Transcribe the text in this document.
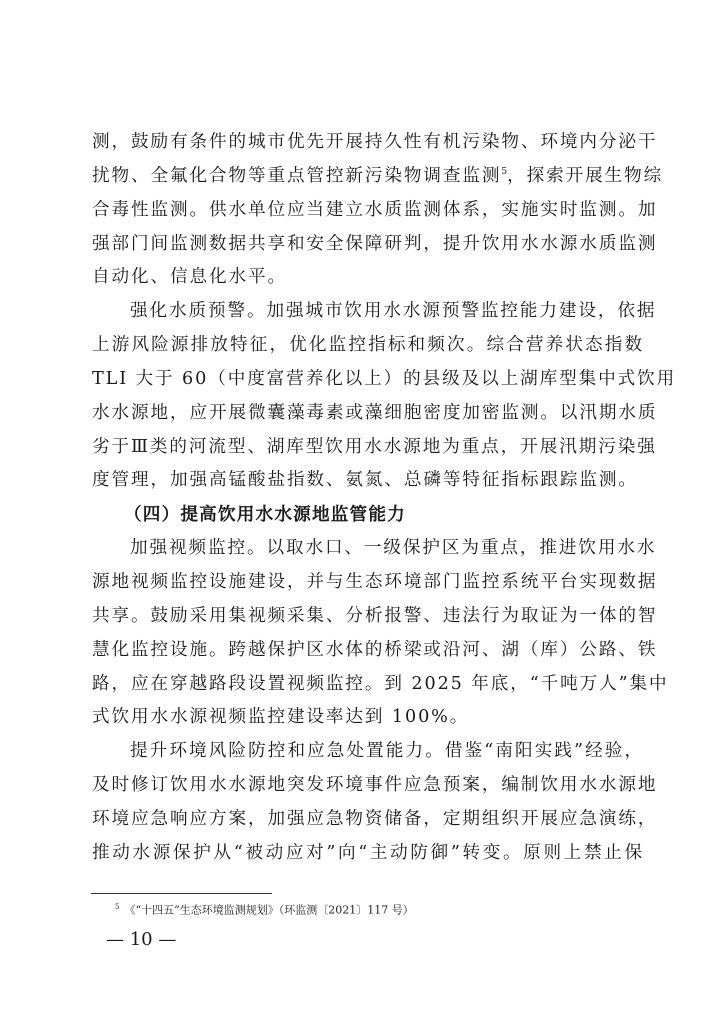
测，鼓励有条件的城市优先开展持久性有机污染物、环境内分泌干
扰物、全氟化合物等重点管控新污染物调查监测$^5$，探索开展生物综
合毒性监测。供水单位应当建立水质监测体系，实施实时监测。加
强部门间监测数据共享和安全保障研判，提升饮用水水源水质监测
自动化、信息化水平。
强化水质预警。加强城市饮用水水源预警监控能力建设，依据
上游风险源排放特征，优化监控指标和频次。综合营养状态指数
TLI 大于 60（中度富营养化以上）的县级及以上湖库型集中式饮用
水水源地，应开展微囊藻毒素或藻细胞密度加密监测。以汛期水质
劣于Ⅲ类的河流型、湖库型饮用水水源地为重点，开展汛期污染强
度管理，加强高锰酸盐指数、氨氮、总磷等特征指标跟踪监测。
（四）提高饮用水水源地监管能力
加强视频监控。以取水口、一级保护区为重点，推进饮用水水
源地视频监控设施建设，并与生态环境部门监控系统平台实现数据
共享。鼓励采用集视频采集、分析报警、违法行为取证为一体的智
慧化监控设施。跨越保护区水体的桥梁或沿河、湖（库）公路、铁
路，应在穿越路段设置视频监控。到 2025 年底，“千吨万人”集中
式饮用水水源视频监控建设率达到 100%。
提升环境风险防控和应急处置能力。借鉴“南阳实践”经验，
及时修订饮用水水源地突发环境事件应急预案，编制饮用水水源地
环境应急响应方案，加强应急物资储备，定期组织开展应急演练，
推动水源保护从“被动应对”向“主动防御”转变。原则上禁止保
$^5$ 《“十四五”生态环境监测规划》（环监测〔2021〕117 号）
— 10 —
